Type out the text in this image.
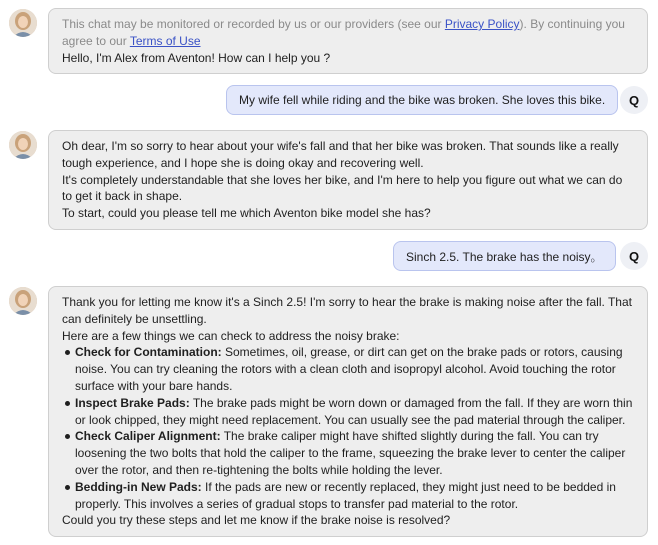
This chat may be monitored or recorded by us or our providers (see our Privacy Policy). By continuing you agree to our Terms of Use
Hello, I'm Alex from Aventon! How can I help you ?
My wife fell while riding and the bike was broken. She loves this bike.	Q
Oh dear, I'm so sorry to hear about your wife's fall and that her bike was broken. That sounds like a really tough experience, and I hope she is doing okay and recovering well.
It's completely understandable that she loves her bike, and I'm here to help you figure out what we can do to get it back in shape.
To start, could you please tell me which Aventon bike model she has?
Sinch 2.5. The brake has the noisy。	Q
Thank you for letting me know it's a Sinch 2.5! I'm sorry to hear the brake is making noise after the fall. That can definitely be unsettling.
Here are a few things we can check to address the noisy brake:
Check for Contamination: Sometimes, oil, grease, or dirt can get on the brake pads or rotors, causing noise. You can try cleaning the rotors with a clean cloth and isopropyl alcohol. Avoid touching the rotor surface with your bare hands.
Inspect Brake Pads: The brake pads might be worn down or damaged from the fall. If they are worn thin or look chipped, they might need replacement. You can usually see the pad material through the caliper.
Check Caliper Alignment: The brake caliper might have shifted slightly during the fall. You can try loosening the two bolts that hold the caliper to the frame, squeezing the brake lever to center the caliper over the rotor, and then re-tightening the bolts while holding the lever.
Bedding-in New Pads: If the pads are new or recently replaced, they might just need to be bedded in properly. This involves a series of gradual stops to transfer pad material to the rotor.
Could you try these steps and let me know if the brake noise is resolved?
